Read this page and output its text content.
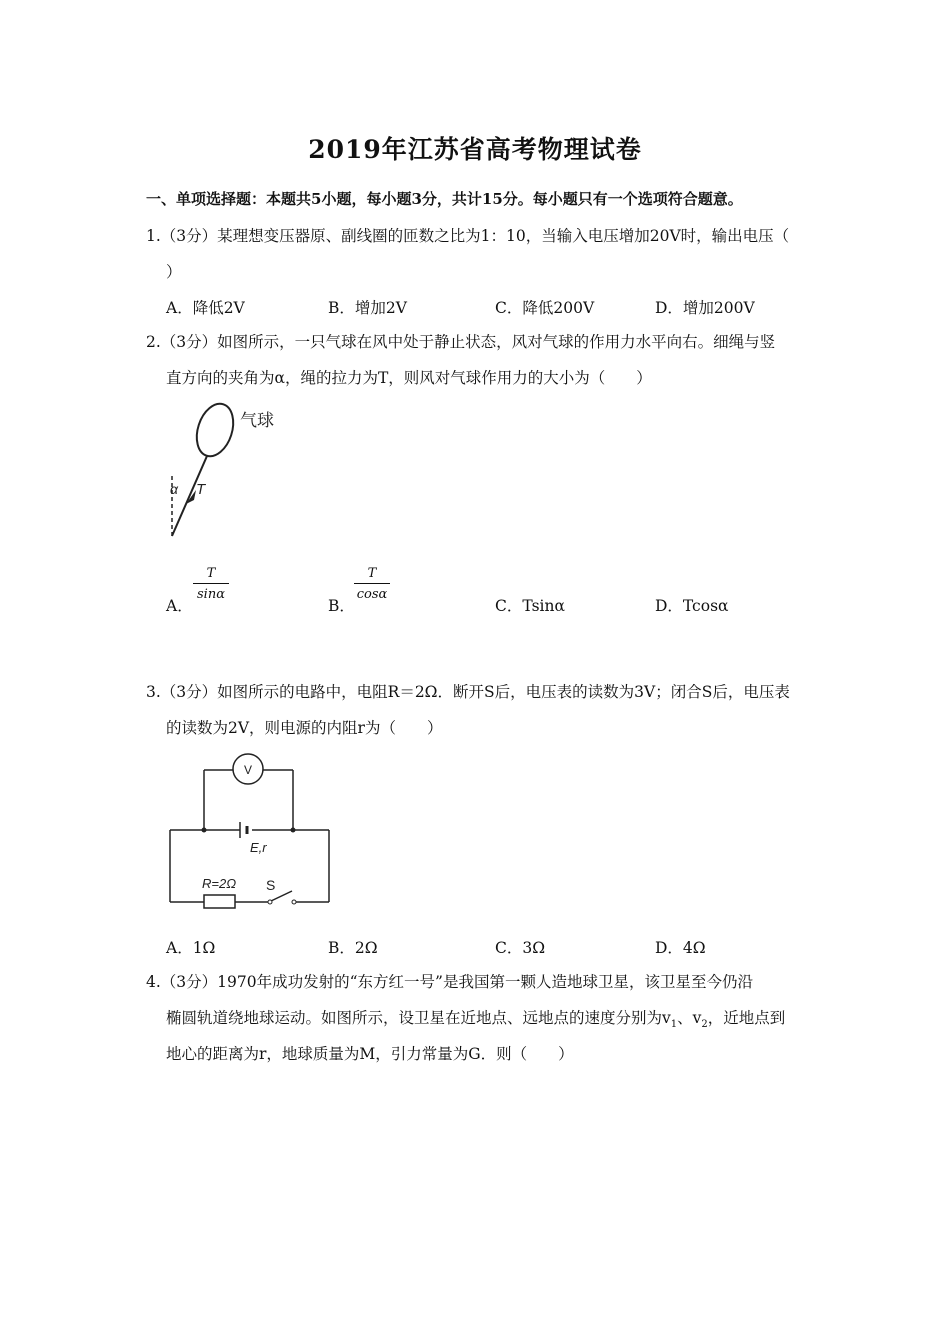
2019年江苏省高考物理试卷
一、单项选择题：本题共5小题，每小题3分，共计15分。每小题只有一个选项符合题意。
1.（3分）某理想变压器原、副线圈的匝数之比为1：10，当输入电压增加20V时，输出电压（
）
A．降低2V	B．增加2V	C．降低200V	D．增加200V
2.（3分）如图所示，一只气球在风中处于静止状态，风对气球的作用力水平向右。细绳与竖
直方向的夹角为α，绳的拉力为T，则风对气球作用力的大小为（　　）
气球
α T
A．
T
sinα
B．
T
cosα
C．Tsinα	D．Tcosα
3.（3分）如图所示的电路中，电阻R＝2Ω．断开S后，电压表的读数为3V；闭合S后，电压表
的读数为2V，则电源的内阻r为（　　）
V
E,r
R=2Ω S
A．1Ω	B．2Ω	C．3Ω	D．4Ω
4.（3分）1970年成功发射的“东方红一号”是我国第一颗人造地球卫星，该卫星至今仍沿
椭圆轨道绕地球运动。如图所示，设卫星在近地点、远地点的速度分别为$v_1$、$v_2$，近地点到
地心的距离为r，地球质量为M，引力常量为G．则（　　）
